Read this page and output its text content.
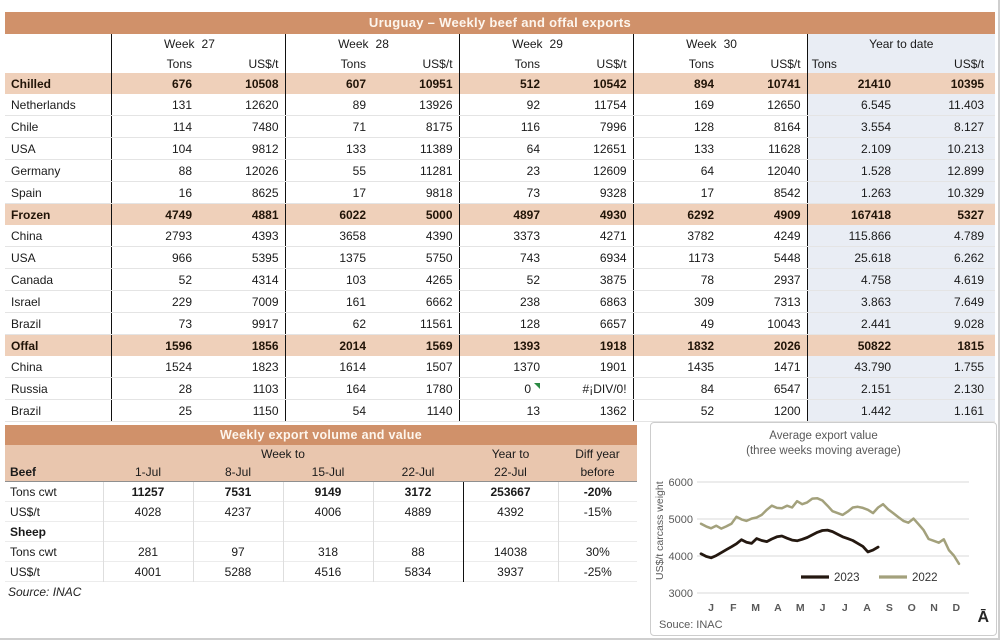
Uruguay – Weekly beef and offal exports

	Week 27		Week 28		Week 29		Week 30		Year to date	
	Tons	US$/t	Tons	US$/t	Tons	US$/t	Tons	US$/t	Tons	US$/t
Chilled	676	10508	607	10951	512	10542	894	10741	21410	10395
Netherlands	131	12620	89	13926	92	11754	169	12650	6.545	11.403
Chile	114	7480	71	8175	116	7996	128	8164	3.554	8.127
USA	104	9812	133	11389	64	12651	133	11628	2.109	10.213
Germany	88	12026	55	11281	23	12609	64	12040	1.528	12.899
Spain	16	8625	17	9818	73	9328	17	8542	1.263	10.329
Frozen	4749	4881	6022	5000	4897	4930	6292	4909	167418	5327
China	2793	4393	3658	4390	3373	4271	3782	4249	115.866	4.789
USA	966	5395	1375	5750	743	6934	1173	5448	25.618	6.262
Canada	52	4314	103	4265	52	3875	78	2937	4.758	4.619
Israel	229	7009	161	6662	238	6863	309	7313	3.863	7.649
Brazil	73	9917	62	11561	128	6657	49	10043	2.441	9.028
Offal	1596	1856	2014	1569	1393	1918	1832	2026	50822	1815
China	1524	1823	1614	1507	1370	1901	1435	1471	43.790	1.755
Russia	28	1103	164	1780	0	#¡DIV/0!	84	6547	2.151	2.130
Brazil	25	1150	54	1140	13	1362	52	1200	1.442	1.161
Weekly export volume and value
	Week to				Year to	Diff year
Beef	1-Jul	8-Jul	15-Jul	22-Jul	22-Jul	before
Tons cwt	11257	7531	9149	3172	253667	-20%
US$/t	4028	4237	4006	4889	4392	-15%
Sheep						
Tons cwt	281	97	318	88	14038	30%
US$/t	4001	5288	4516	5834	3937	-25%
Source: INAC
Average export value
(three weeks moving average)
US$/t carcass weight 6000
5000
4000
3000
J F M A M J J A S O N D
2023	2022
Souce: INAC	Ā
